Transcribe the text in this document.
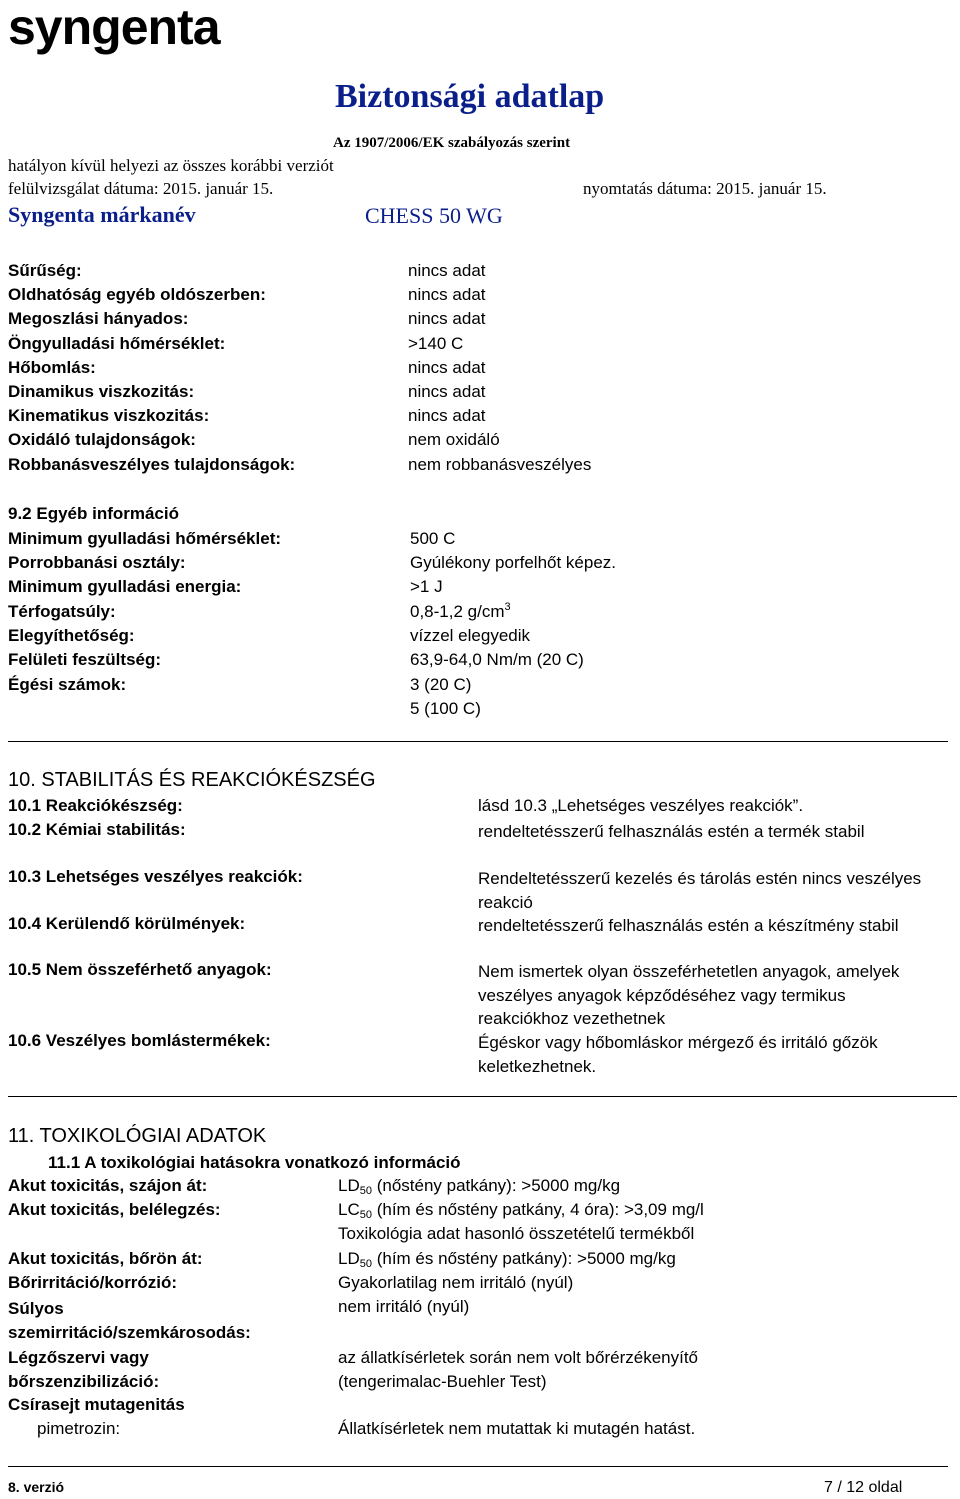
syngenta
Biztonsági adatlap
Az 1907/2006/EK szabályozás szerint
hatályon kívül helyezi az összes korábbi verziót
felülvizsgálat dátuma: 2015. január 15.	nyomtatás dátuma: 2015. január 15.
Syngenta márkanév	CHESS 50 WG
Sűrűség:	nincs adat
Oldhatóság egyéb oldószerben:	nincs adat
Megoszlási hányados:	nincs adat
Öngyulladási hőmérséklet:	>140 C
Hőbomlás:	nincs adat
Dinamikus viszkozitás:	nincs adat
Kinematikus viszkozitás:	nincs adat
Oxidáló tulajdonságok:	nem oxidáló
Robbanásveszélyes tulajdonságok:	nem robbanásveszélyes
9.2 Egyéb információ
Minimum gyulladási hőmérséklet:	500 C
Porrobbanási osztály:	Gyúlékony porfelhőt képez.
Minimum gyulladási energia:	>1 J
Térfogatsúly:	0,8-1,2 $g/cm^3$
Elegyíthetőség:	vízzel elegyedik
Felületi feszültség:	63,9-64,0 Nm/m (20 C)
Égési számok:	3 (20 C)
5 (100 C)
10. STABILITÁS ÉS REAKCIÓKÉSZSÉG
10.1 Reakciókészség:	lásd 10.3 „Lehetséges veszélyes reakciók”.
10.2 Kémiai stabilitás:	rendeltetésszerű felhasználás estén a termék stabil
10.3 Lehetséges veszélyes reakciók:	Rendeltetésszerű kezelés és tárolás estén nincs veszélyes reakció
10.4 Kerülendő körülmények:	rendeltetésszerű felhasználás estén a készítmény stabil
10.5 Nem összeférhető anyagok:	Nem ismertek olyan összeférhetetlen anyagok, amelyek veszélyes anyagok képződéséhez vagy termikus reakciókhoz vezethetnek
10.6 Veszélyes bomlástermékek:	Égéskor vagy hőbomláskor mérgező és irritáló gőzök keletkezhetnek.
11. TOXIKOLÓGIAI ADATOK
11.1 A toxikológiai hatásokra vonatkozó információ
Akut toxicitás, szájon át:	$LD_{50}$ (nőstény patkány): >5000 mg/kg
Akut toxicitás, belélegzés:	$LC_{50}$ (hím és nőstény patkány, 4 óra): >3,09 mg/l
Toxikológia adat hasonló összetételű termékből
Akut toxicitás, bőrön át:	$LD_{50}$ (hím és nőstény patkány): >5000 mg/kg
Bőrirritáció/korrózió:	Gyakorlatilag nem irritáló (nyúl)
Súlyos szemirritáció/szemkárosodás:
nem irritáló (nyúl)
Légzőszervi vagy bőrszenzibilizáció:
az állatkísérletek során nem volt bőrérzékenyítő (tengerimalac-Buehler Test)
Csírasejt mutagenitás
pimetrozin:	Állatkísérletek nem mutattak ki mutagén hatást.
8. verzió	7 / 12 oldal
